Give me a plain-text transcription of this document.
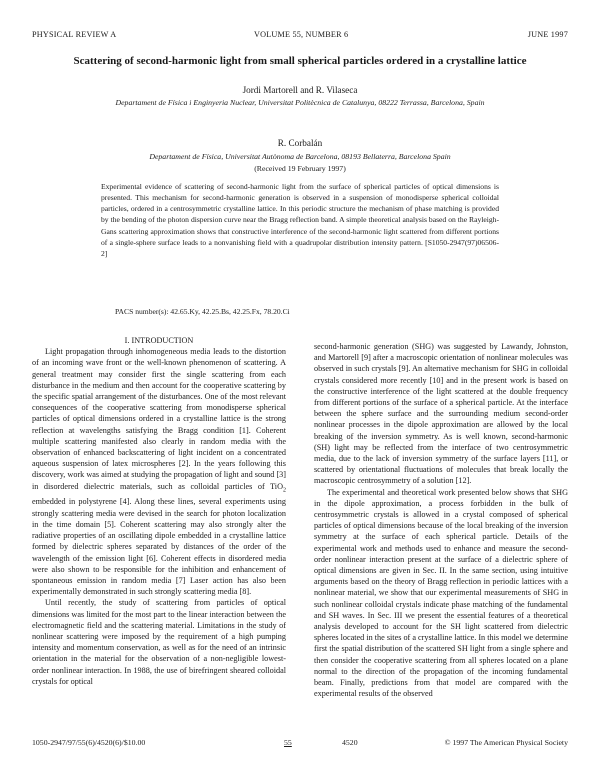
PHYSICAL REVIEW A	VOLUME 55, NUMBER 6	JUNE 1997
Scattering of second-harmonic light from small spherical particles ordered in a crystalline lattice
Jordi Martorell and R. Vilaseca
Departament de Física i Enginyeria Nuclear, Universitat Politècnica de Catalunya, 08222 Terrassa, Barcelona, Spain
R. Corbalán
Departament de Física, Universitat Autònoma de Barcelona, 08193 Bellaterra, Barcelona Spain
(Received 19 February 1997)
Experimental evidence of scattering of second-harmonic light from the surface of spherical particles of optical dimensions is presented. This mechanism for second-harmonic generation is observed in a suspension of monodisperse spherical colloidal particles, ordered in a centrosymmetric crystalline lattice. In this periodic structure the mechanism of phase matching is provided by the bending of the photon dispersion curve near the Bragg reflection band. A simple theoretical analysis based on the Rayleigh-Gans scattering approximation shows that constructive interference of the second-harmonic light scattered from different portions of a single-sphere surface leads to a nonvanishing field with a quadrupolar distribution intensity pattern. [S1050-2947(97)06506-2]
PACS number(s): 42.65.Ky, 42.25.Bs, 42.25.Fx, 78.20.Ci

I. INTRODUCTION

Light propagation through inhomogeneous media leads to the distortion of an incoming wave front or the well-known phenomenon of scattering. A general treatment may consider first the single scattering from each disturbance in the medium and then account for the cooperative scattering by the specific spatial arrangement of the disturbances. One of the most relevant consequences of the cooperative scattering from monodisperse spherical particles of optical dimensions ordered in a crystalline lattice is the strong reflection at wavelengths satisfying the Bragg condition [1]. Coherent multiple scattering manifested also clearly in random media with the observation of enhanced backscattering of light incident on a concentrated aqueous suspension of latex microspheres [2]. In the years following this discovery, work was aimed at studying the propagation of light and sound [3] in disordered dielectric materials, such as colloidal particles of TiO$_2$ embedded in polystyrene [4]. Along these lines, several experiments using strongly scattering media were devised in the search for photon localization in the time domain [5]. Coherent scattering may also strongly alter the radiative properties of an oscillating dipole embedded in a crystalline lattice formed by dielectric spheres separated by distances of the order of the wavelength of the emission light [6]. Coherent effects in disordered media were also shown to be responsible for the inhibition and enhancement of spontaneous emission in random media [7] Laser action has also been experimentally demonstrated in such strongly scattering media [8].

Until recently, the study of scattering from particles of optical dimensions was limited for the most part to the linear interaction between the electromagnetic field and the scattering material. Limitations in the study of nonlinear scattering were imposed by the requirement of a high pumping intensity and momentum conservation, as well as for the need of an intrinsic orientation in the material for the observation of a non-negligible lowest-order nonlinear interaction. In 1988, the use of birefringent sheared colloidal crystals for optical

second-harmonic generation (SHG) was suggested by Lawandy, Johnston, and Martorell [9] after a macroscopic orientation of nonlinear molecules was observed in such crystals [9]. An alternative mechanism for SHG in colloidal crystals considered more recently [10] and in the present work is based on the constructive interference of the light scattered at the double frequency from different portions of the surface of a spherical particle. At the interface between the sphere surface and the surrounding medium second-order nonlinear processes in the dipole approximation are allowed by the local breaking of the inversion symmetry. As is well known, second-harmonic (SH) light may be reflected from the interface of two centrosymmetric media, due to the lack of inversion symmetry of the surface layers [11], or scattered by orientational fluctuations of molecules that break locally the macroscopic centrosymmetry of a solution [12].

The experimental and theoretical work presented below shows that SHG in the dipole approximation, a process forbidden in the bulk of centrosymmetric crystals is allowed in a crystal composed of spherical particles of optical dimensions because of the local breaking of the inversion symmetry at the surface of each spherical particle. Details of the experimental work and methods used to enhance and measure the second-order nonlinear interaction present at the surface of a dielectric sphere of optical dimensions are given in Sec. II. In the same section, using intuitive arguments based on the theory of Bragg reflection in periodic lattices with a nonlinear material, we show that our experimental measurements of SHG in such nonlinear colloidal crystals indicate phase matching of the fundamental and SH waves. In Sec. III we present the essential features of a theoretical analysis developed to account for the SH light scattered from dielectric spheres located in the sites of a crystalline lattice. In this model we determine first the spatial distribution of the scattered SH light from a single sphere and then consider the cooperative scattering from all spheres located on a plane normal to the direction of the propagation of the incoming fundamental beam. Finally, predictions from that model are compared with the experimental results of the observed

1050-2947/97/55(6)/4520(6)/$10.00	55	4520	© 1997 The American Physical Society
